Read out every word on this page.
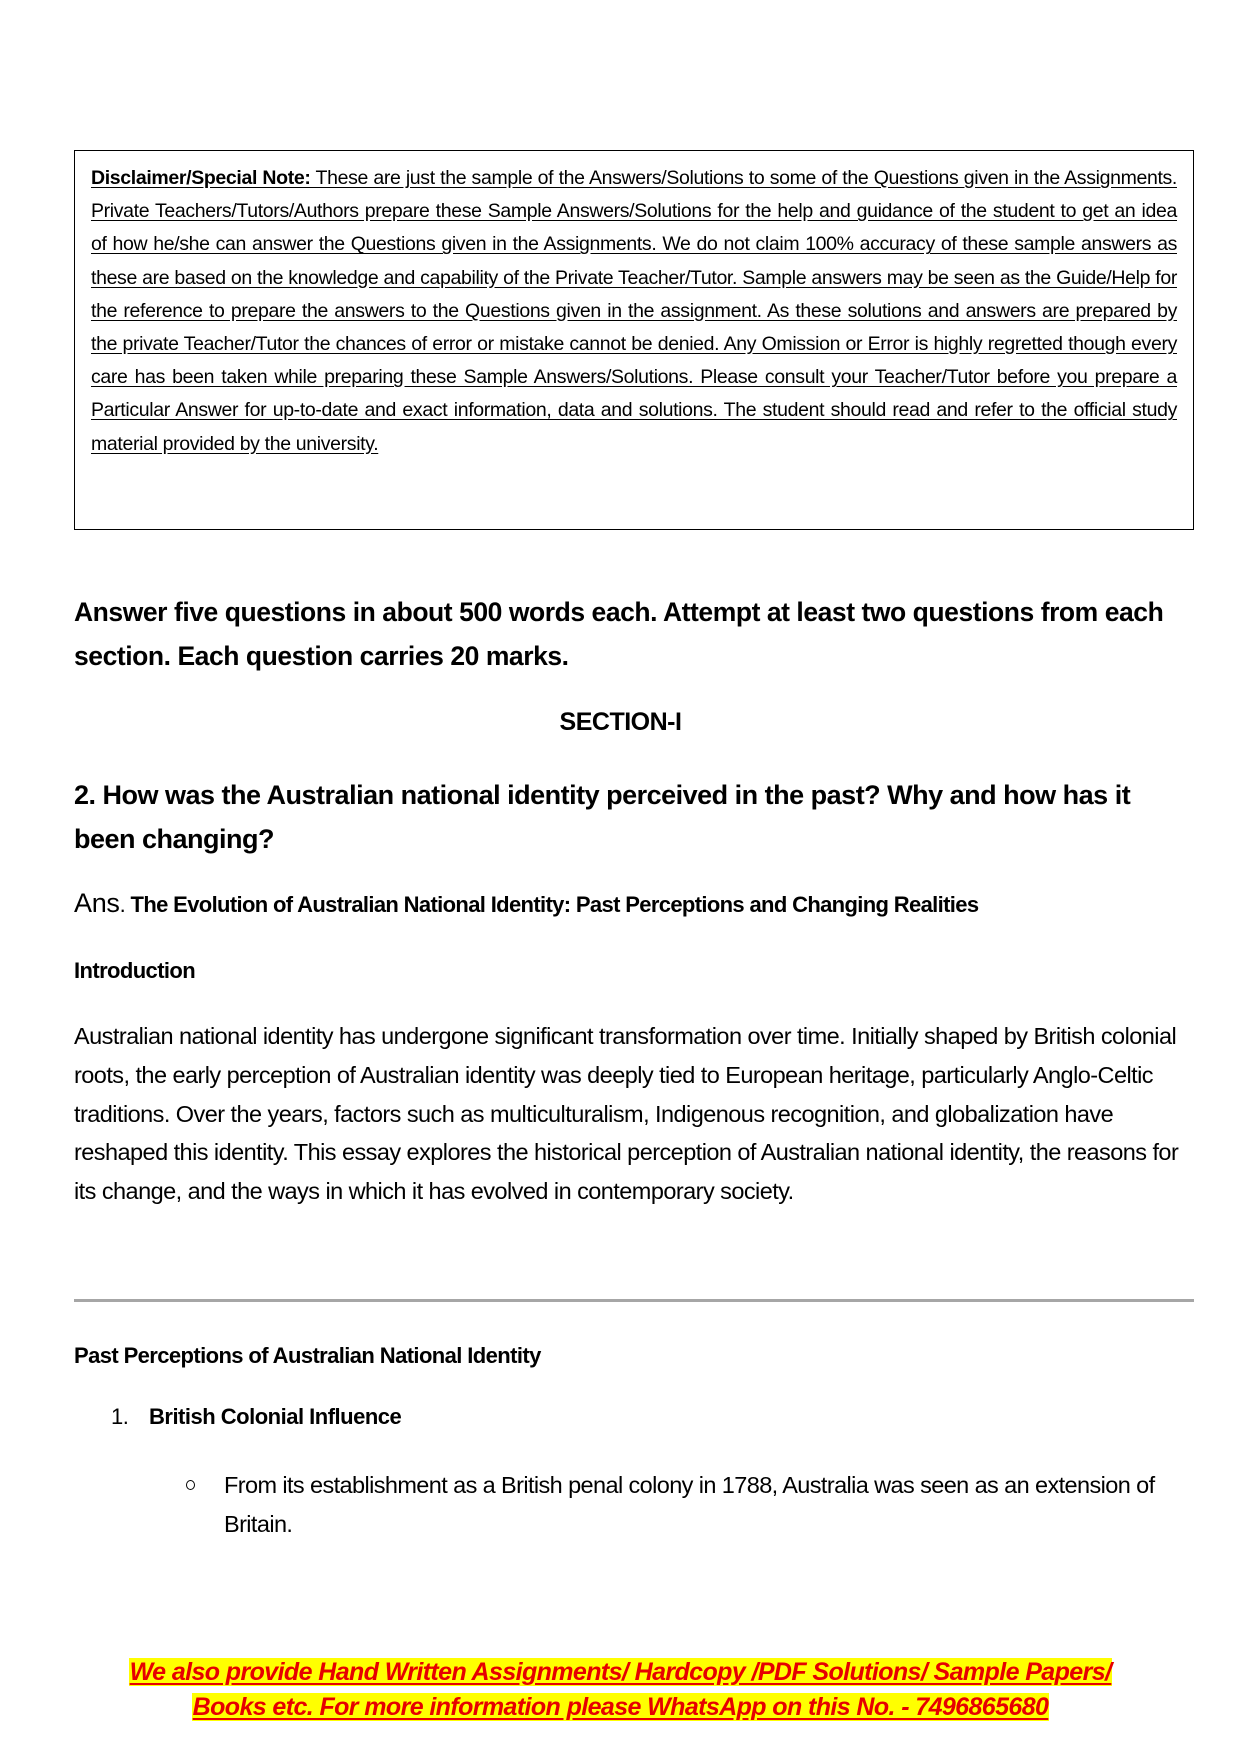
Disclaimer/Special Note: These are just the sample of the Answers/Solutions to some of the Questions given in the Assignments. Private Teachers/Tutors/Authors prepare these Sample Answers/Solutions for the help and guidance of the student to get an idea of how he/she can answer the Questions given in the Assignments. We do not claim 100% accuracy of these sample answers as these are based on the knowledge and capability of the Private Teacher/Tutor. Sample answers may be seen as the Guide/Help for the reference to prepare the answers to the Questions given in the assignment. As these solutions and answers are prepared by the private Teacher/Tutor the chances of error or mistake cannot be denied. Any Omission or Error is highly regretted though every care has been taken while preparing these Sample Answers/Solutions. Please consult your Teacher/Tutor before you prepare a Particular Answer for up-to-date and exact information, data and solutions. The student should read and refer to the official study material provided by the university.
Answer five questions in about 500 words each. Attempt at least two questions from each section. Each question carries 20 marks.
SECTION-I
2. How was the Australian national identity perceived in the past? Why and how has it been changing?
Ans. The Evolution of Australian National Identity: Past Perceptions and Changing Realities
Introduction
Australian national identity has undergone significant transformation over time. Initially shaped by British colonial roots, the early perception of Australian identity was deeply tied to European heritage, particularly Anglo-Celtic traditions. Over the years, factors such as multiculturalism, Indigenous recognition, and globalization have reshaped this identity. This essay explores the historical perception of Australian national identity, the reasons for its change, and the ways in which it has evolved in contemporary society.
Past Perceptions of Australian National Identity
1. British Colonial Influence
From its establishment as a British penal colony in 1788, Australia was seen as an extension of Britain.
We also provide Hand Written Assignments/ Hardcopy /PDF Solutions/ Sample Papers/
Books etc. For more information please WhatsApp on this No. - 7496865680
